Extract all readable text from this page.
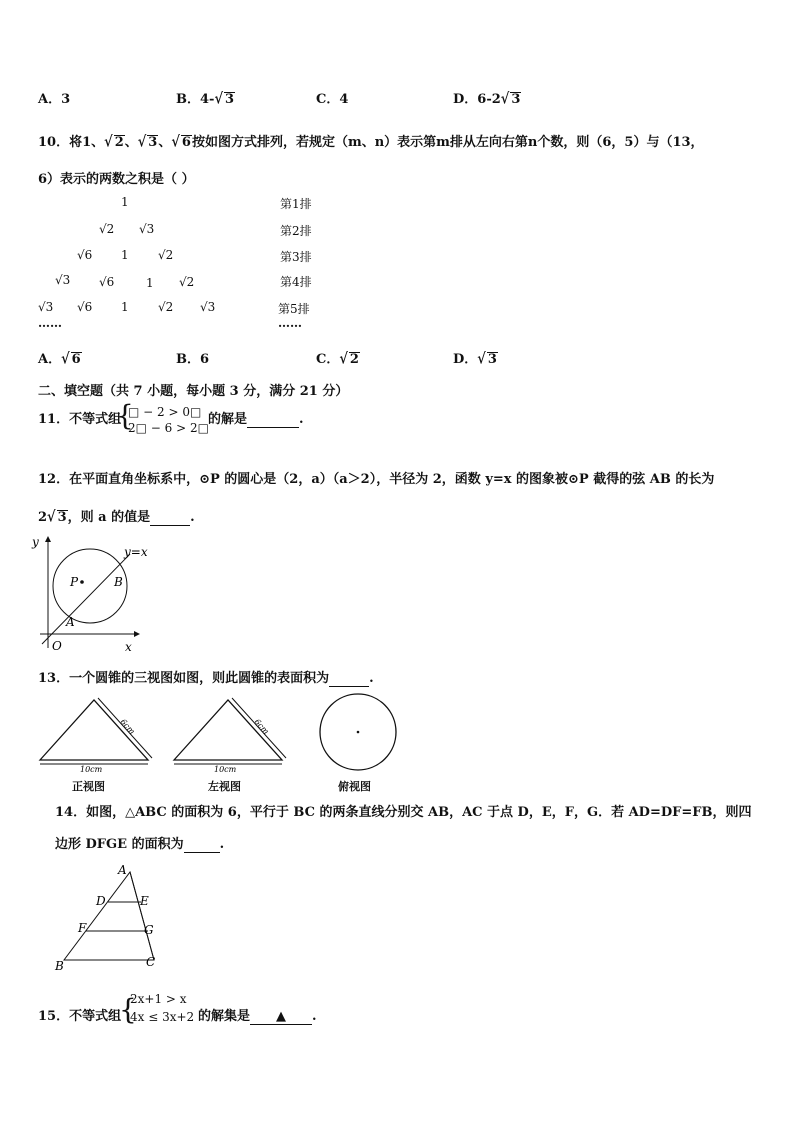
A．3	B．4-√ 3	C．4	D．6-2√ 3
10．将1、√ 2、√ 3、√ 6按如图方式排列，若规定（m、n）表示第m排从左向右第n个数，则（6，5）与（13，
6）表示的两数之积是（ ）
1	第1排
√2 √3	第2排
√6 1 √2	第3排
√3 √6	1 √2	第4排
√3 √6 1 √2 √3	第5排
……	……
A．√ 6	B．6	C．√ 2	D．√ 3
二、填空题（共 7 小题，每小题 3 分，满分 21 分）
11．不等式组
{
□ − 2 > 0□
2□ − 6 > 2□
的解是	.
12．在平面直角坐标系中，⊙P 的圆心是（2，a）（a＞2），半径为 2，函数 y=x 的图象被⊙P 截得的弦 AB 的长为
2√ 3，则 a 的值是	.
y
x
y=x
P	B
A
O
13．一个圆锥的三视图如图，则此圆锥的表面积为	.
6cm
10cm
正视图
6cm
10cm
左视图	俯视图
14．如图，△ABC 的面积为 6，平行于 BC 的两条直线分别交 AB，AC 于点 D，E，F，G．若 AD=DF=FB，则四
边形 DFGE 的面积为	.
A
D	E
F	G
B	C
15．不等式组
{
2x+1 > x
4x ≤ 3x+2 的解集是 ▲ .
